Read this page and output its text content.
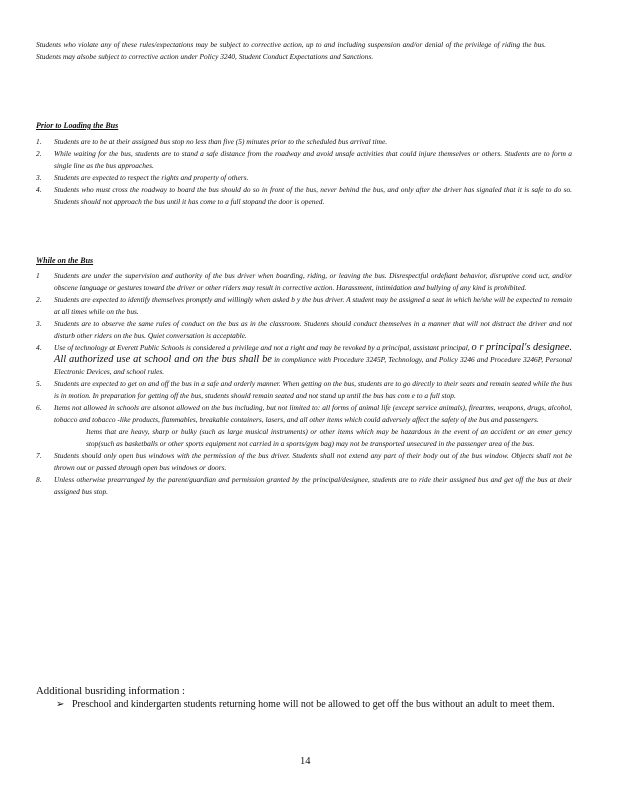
Students who violate any of these rules/expectations may be subject to corrective action, up to and including suspension and/or denial of the privilege of riding the bus. Students may alsobe subject to corrective action under Policy 3240, Student Conduct Expectations and Sanctions.
Prior to Loading the Bus
1. Students are to be at their assigned bus stop no less than five (5) minutes prior to the scheduled bus arrival time.
2. While waiting for the bus, students are to stand a safe distance from the roadway and avoid unsafe activities that could injure themselves or others. Students are to form a single line as the bus approaches.
3. Students are expected to respect the rights and property of others.
4. Students who must cross the roadway to board the bus should do so in front of the bus, never behind the bus, and only after the driver has signaled that it is safe to do so. Students should not approach the bus until it has come to a full stopand the door is opened.
While on the Bus
1 Students are under the supervision and authority of the bus driver when boarding, riding, or leaving the bus. Disrespectful ordefiant behavior, disruptive cond uct, and/or obscene language or gestures toward the driver or other riders may result in corrective action. Harassment, intimidation and bullying of any kind is prohibited.
2. Students are expected to identify themselves promptly and willingly when asked b y the bus driver. A student may be assigned a seat in which he/she will be expected to remain at all times while on the bus.
3. Students are to observe the same rules of conduct on the bus as in the classroom. Students should conduct themselves in a manner that will not distract the driver and not disturb other riders on the bus. Quiet conversation is acceptable.
4. Use of technology at Everett Public Schools is considered a privilege and not a right and may be revoked by a principal, assistant principal, o r principal's designee. All authorized use at school and on the bus shall be in compliance with Procedure 3245P, Technology, and Policy 3246 and Procedure 3246P, Personal Electronic Devices, and school rules.
5. Students are expected to get on and off the bus in a safe and orderly manner. When getting on the bus, students are to go directly to their seats and remain seated while the bus is in motion. In preparation for getting off the bus, students should remain seated and not stand up until the bus has com e to a full stop.
6. Items not allowed in schools are alsonot allowed on the bus including, but not limited to: all forms of animal life (except service animals), firearms, weapons, drugs, alcohol, tobacco and tobacco -like products, flammables, breakable containers, lasers, and all other items which could adversely affect the safety of the bus and passengers.
Items that are heavy, sharp or bulky (such as large musical instruments) or other items which may be hazardous in the event of an accident or an emer gency stop(such as basketballs or other sports equipment not carried in a sports/gym bag) may not be transported unsecured in the passenger area of the bus.
7. Students should only open bus windows with the permission of the bus driver. Students shall not extend any part of their body out of the bus window. Objects shall not be thrown out or passed through open bus windows or doors.
8. Unless otherwise prearranged by the parent/guardian and permission granted by the principal/designee, students are to ride their assigned bus and get off the bus at their assigned bus stop.
Additional busriding information :
➢ Preschool and kindergarten students returning home will not be allowed to get off the bus without an adult to meet them.
14
